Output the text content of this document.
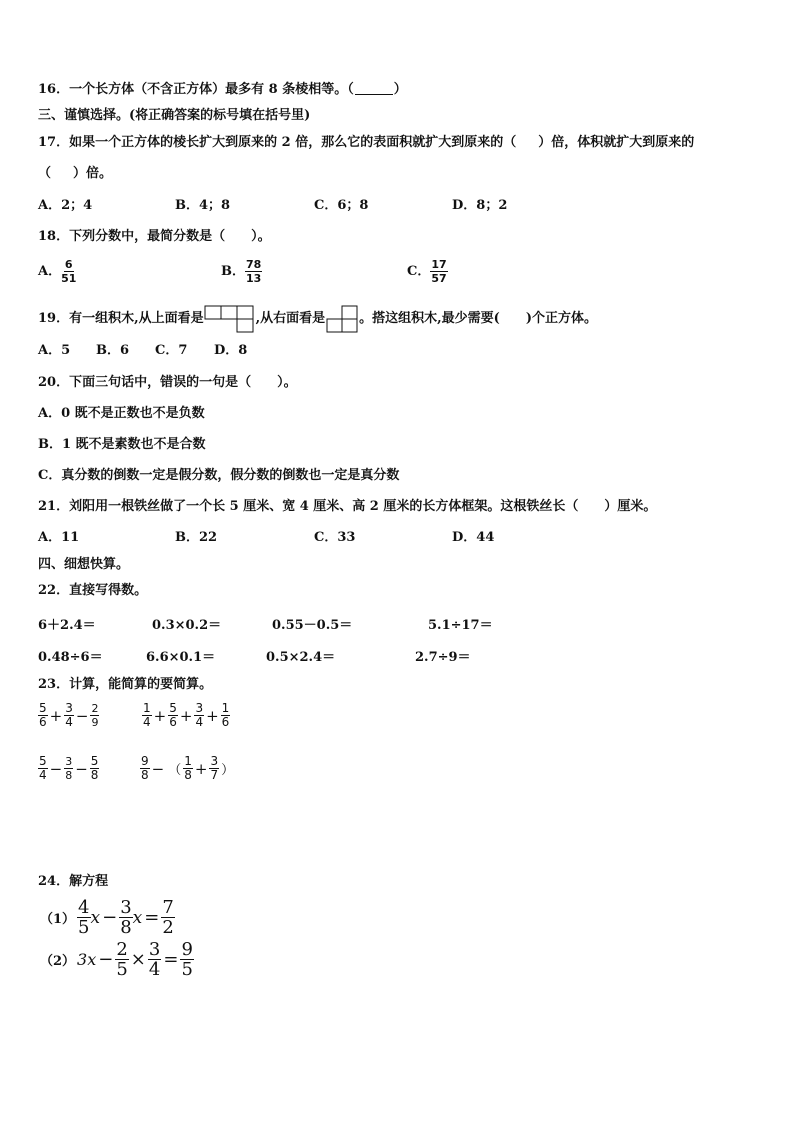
16．一个长方体（不含正方体）最多有 8 条棱相等。（	）
三、谨慎选择。(将正确答案的标号填在括号里)
17．如果一个正方体的棱长扩大到原来的 2 倍，那么它的表面积就扩大到原来的（ ）倍，体积就扩大到原来的
（ ）倍。
A．2；4	B．4；8	C．6；8	D．8；2
18．下列分数中，最简分数是（　　）。
A． $\frac{6}{51}$	B． $\frac{78}{13}$	C． $\frac{17}{57}$
19．有一组积木,从上面看是	,从右面看是	。搭这组积木,最少需要(　　)个正方体。
A．5 B．6 C．7 D．8
20．下面三句话中，错误的一句是（　　）。
A．0 既不是正数也不是负数
B．1 既不是素数也不是合数
C．真分数的倒数一定是假分数，假分数的倒数也一定是真分数
21．刘阳用一根铁丝做了一个长 5 厘米、宽 4 厘米、高 2 厘米的长方体框架。这根铁丝长（　　）厘米。
A．11	B．22	C．33	D．44
四、细想快算。
22．直接写得数。
6＋2.4＝	0.3×0.2＝	0.55－0.5＝	5.1÷17＝
0.48÷6＝	6.6×0.1＝	0.5×2.4＝	2.7÷9＝
23．计算，能简算的要简算。
$\frac{5}{6} + \frac{3}{4} - \frac{2}{9}$	$\frac{1}{4} + \frac{5}{6} + \frac{3}{4} + \frac{1}{6}$
$\frac{5}{4} - \frac{3}{8} - \frac{5}{8}$	$\frac{9}{8}$ − （ $\frac{1}{8} + \frac{3}{7}$ ）
24．解方程
$(1) \frac{4}{5}$ $x - \frac{3}{8}$ $x = \frac{7}{2}$
（2） $3x - \frac{2}{5} \times \frac{3}{4} = \frac{9}{5}$
